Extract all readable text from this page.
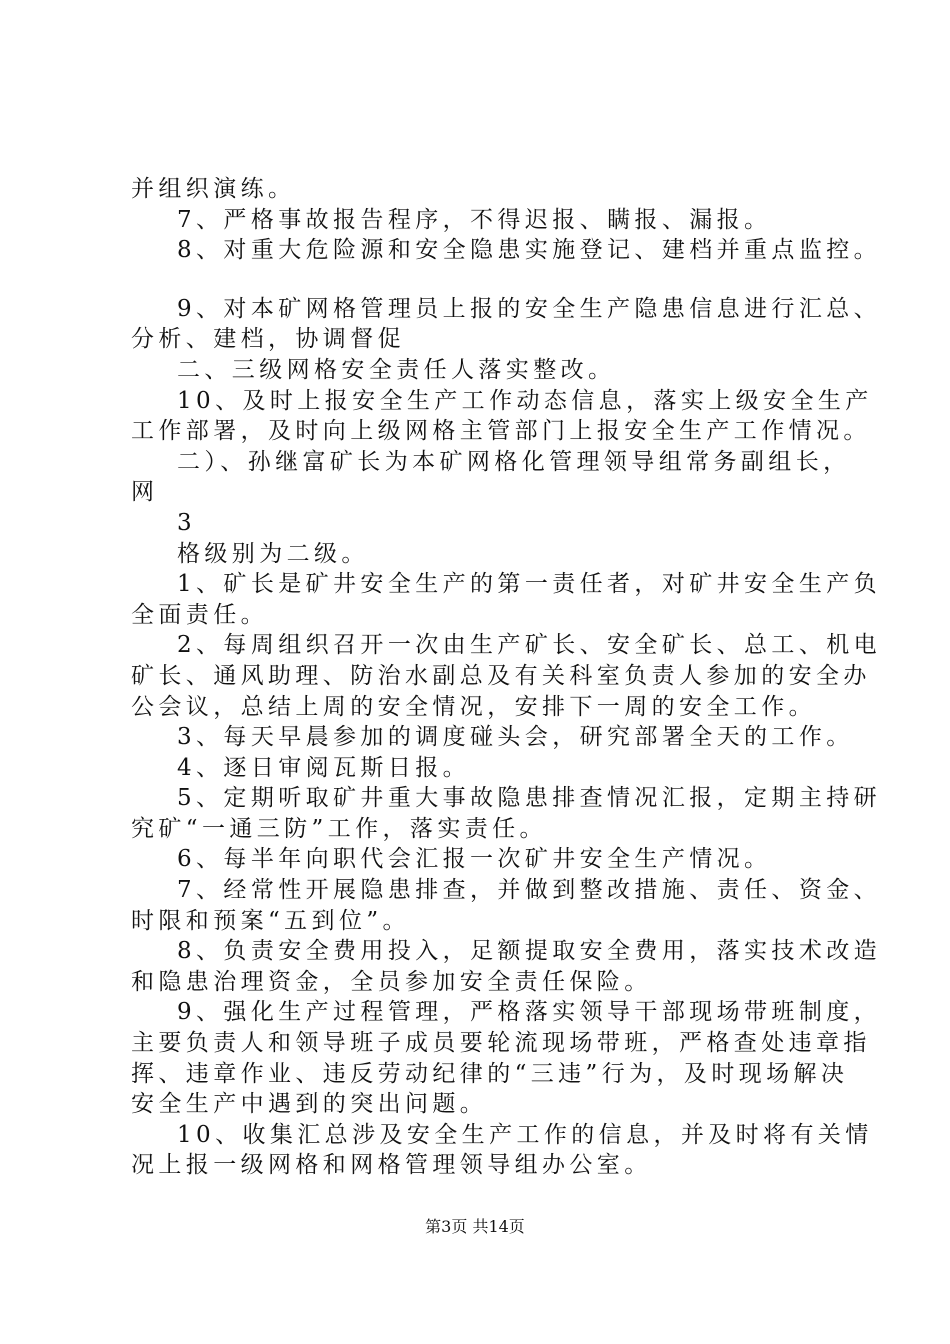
并组织演练。
7、严格事故报告程序，不得迟报、瞒报、漏报。
8、对重大危险源和安全隐患实施登记、建档并重点监控。
9、对本矿网格管理员上报的安全生产隐患信息进行汇总、
分析、建档，协调督促
二、三级网格安全责任人落实整改。
10、及时上报安全生产工作动态信息，落实上级安全生产
工作部署，及时向上级网格主管部门上报安全生产工作情况。
二）、孙继富矿长为本矿网格化管理领导组常务副组长，
网
3
格级别为二级。
1、矿长是矿井安全生产的第一责任者，对矿井安全生产负
全面责任。
2、每周组织召开一次由生产矿长、安全矿长、总工、机电
矿长、通风助理、防治水副总及有关科室负责人参加的安全办
公会议，总结上周的安全情况，安排下一周的安全工作。
3、每天早晨参加的调度碰头会，研究部署全天的工作。
4、逐日审阅瓦斯日报。
5、定期听取矿井重大事故隐患排查情况汇报，定期主持研
究矿“一通三防”工作，落实责任。
6、每半年向职代会汇报一次矿井安全生产情况。
7、经常性开展隐患排查，并做到整改措施、责任、资金、
时限和预案“五到位”。
8、负责安全费用投入，足额提取安全费用，落实技术改造
和隐患治理资金，全员参加安全责任保险。
9、强化生产过程管理，严格落实领导干部现场带班制度，
主要负责人和领导班子成员要轮流现场带班，严格查处违章指
挥、违章作业、违反劳动纪律的“三违”行为，及时现场解决
安全生产中遇到的突出问题。
10、收集汇总涉及安全生产工作的信息，并及时将有关情
况上报一级网格和网格管理领导组办公室。
第3页 共14页
